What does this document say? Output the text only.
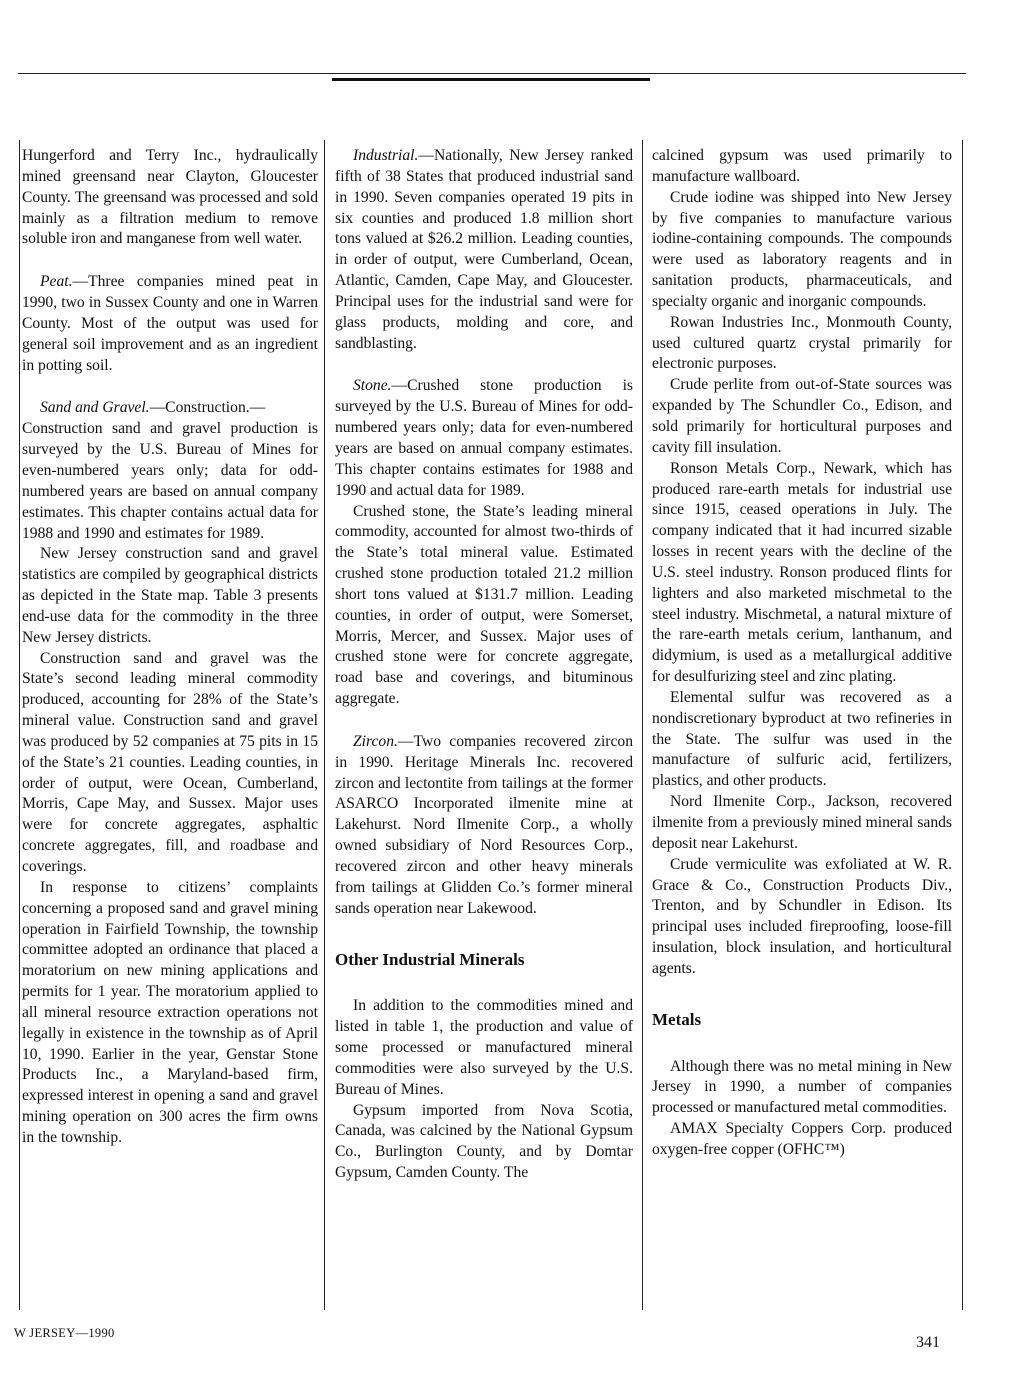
Hungerford and Terry Inc., hydraulically mined greensand near Clayton, Gloucester County. The greensand was processed and sold mainly as a filtration medium to remove soluble iron and manganese from well water.

Peat.—Three companies mined peat in 1990, two in Sussex County and one in Warren County. Most of the output was used for general soil improvement and as an ingredient in potting soil.

Sand and Gravel.—Construction.—

Construction sand and gravel production is surveyed by the U.S. Bureau of Mines for even-numbered years only; data for odd-numbered years are based on annual company estimates. This chapter contains actual data for 1988 and 1990 and estimates for 1989.

New Jersey construction sand and gravel statistics are compiled by geographical districts as depicted in the State map. Table 3 presents end-use data for the commodity in the three New Jersey districts.

Construction sand and gravel was the State’s second leading mineral commodity produced, accounting for 28% of the State’s mineral value. Construction sand and gravel was produced by 52 companies at 75 pits in 15 of the State’s 21 counties. Leading counties, in order of output, were Ocean, Cumberland, Morris, Cape May, and Sussex. Major uses were for concrete aggregates, asphaltic concrete aggregates, fill, and roadbase and coverings.

In response to citizens’ complaints concerning a proposed sand and gravel mining operation in Fairfield Township, the township committee adopted an ordinance that placed a moratorium on new mining applications and permits for 1 year. The moratorium applied to all mineral resource extraction operations not legally in existence in the township as of April 10, 1990. Earlier in the year, Genstar Stone Products Inc., a Maryland-based firm, expressed interest in opening a sand and gravel mining operation on 300 acres the firm owns in the township.

Industrial.—Nationally, New Jersey ranked fifth of 38 States that produced industrial sand in 1990. Seven companies operated 19 pits in six counties and produced 1.8 million short tons valued at $26.2 million. Leading counties, in order of output, were Cumberland, Ocean, Atlantic, Camden, Cape May, and Gloucester. Principal uses for the industrial sand were for glass products, molding and core, and sandblasting.

Stone.—Crushed stone production is surveyed by the U.S. Bureau of Mines for odd-numbered years only; data for even-numbered years are based on annual company estimates. This chapter contains estimates for 1988 and 1990 and actual data for 1989.

Crushed stone, the State’s leading mineral commodity, accounted for almost two-thirds of the State’s total mineral value. Estimated crushed stone production totaled 21.2 million short tons valued at $131.7 million. Leading counties, in order of output, were Somerset, Morris, Mercer, and Sussex. Major uses of crushed stone were for concrete aggregate, road base and coverings, and bituminous aggregate.

Zircon.—Two companies recovered zircon in 1990. Heritage Minerals Inc. recovered zircon and lectontite from tailings at the former ASARCO Incorporated ilmenite mine at Lakehurst. Nord Ilmenite Corp., a wholly owned subsidiary of Nord Resources Corp., recovered zircon and other heavy minerals from tailings at Glidden Co.’s former mineral sands operation near Lakewood.

Other Industrial Minerals

In addition to the commodities mined and listed in table 1, the production and value of some processed or manufactured mineral commodities were also surveyed by the U.S. Bureau of Mines.

Gypsum imported from Nova Scotia, Canada, was calcined by the National Gypsum Co., Burlington County, and by Domtar Gypsum, Camden County. The

calcined gypsum was used primarily to manufacture wallboard.

Crude iodine was shipped into New Jersey by five companies to manufacture various iodine-containing compounds. The compounds were used as laboratory reagents and in sanitation products, pharmaceuticals, and specialty organic and inorganic compounds.

Rowan Industries Inc., Monmouth County, used cultured quartz crystal primarily for electronic purposes.

Crude perlite from out-of-State sources was expanded by The Schundler Co., Edison, and sold primarily for horticultural purposes and cavity fill insulation.

Ronson Metals Corp., Newark, which has produced rare-earth metals for industrial use since 1915, ceased operations in July. The company indicated that it had incurred sizable losses in recent years with the decline of the U.S. steel industry. Ronson produced flints for lighters and also marketed mischmetal to the steel industry. Mischmetal, a natural mixture of the rare-earth metals cerium, lanthanum, and didymium, is used as a metallurgical additive for desulfurizing steel and zinc plating.

Elemental sulfur was recovered as a nondiscretionary byproduct at two refineries in the State. The sulfur was used in the manufacture of sulfuric acid, fertilizers, plastics, and other products.

Nord Ilmenite Corp., Jackson, recovered ilmenite from a previously mined mineral sands deposit near Lakehurst.

Crude vermiculite was exfoliated at W. R. Grace & Co., Construction Products Div., Trenton, and by Schundler in Edison. Its principal uses included fireproofing, loose-fill insulation, block insulation, and horticultural agents.

Metals

Although there was no metal mining in New Jersey in 1990, a number of companies processed or manufactured metal commodities.

AMAX Specialty Coppers Corp. produced oxygen-free copper (OFHC™)

W JERSEY—1990
341
